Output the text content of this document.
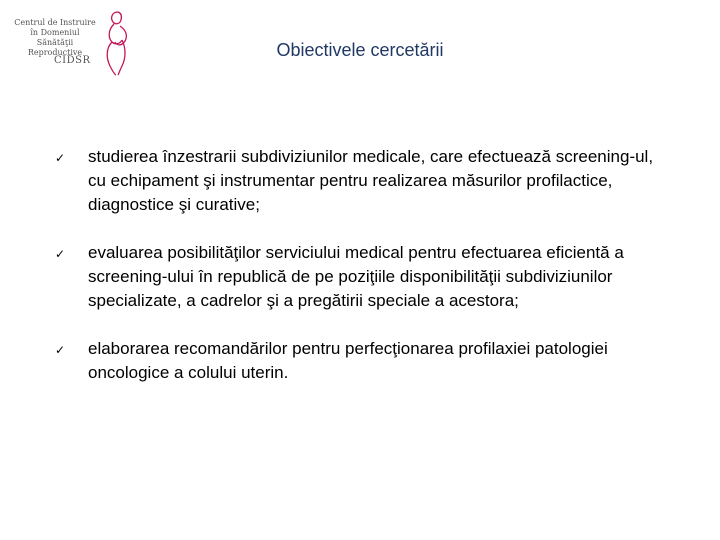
Centrul de Instruire
în Domeniul Sănătăţii
Reproductive
CIDSR
Obiectivele cercetării
✓ studierea înzestrarii subdiviziunilor medicale, care efectuează screening-ul, cu echipament şi instrumentar pentru realizarea măsurilor profilactice, diagnostice şi curative;
✓ evaluarea posibilităţilor serviciului medical pentru efectuarea eficientă a screening-ului în republică de pe poziţiile disponibilităţii subdiviziunilor specializate, a cadrelor şi a pregătirii speciale a acestora;
✓ elaborarea recomandărilor pentru perfecţionarea profilaxiei patologiei oncologice a colului uterin.
